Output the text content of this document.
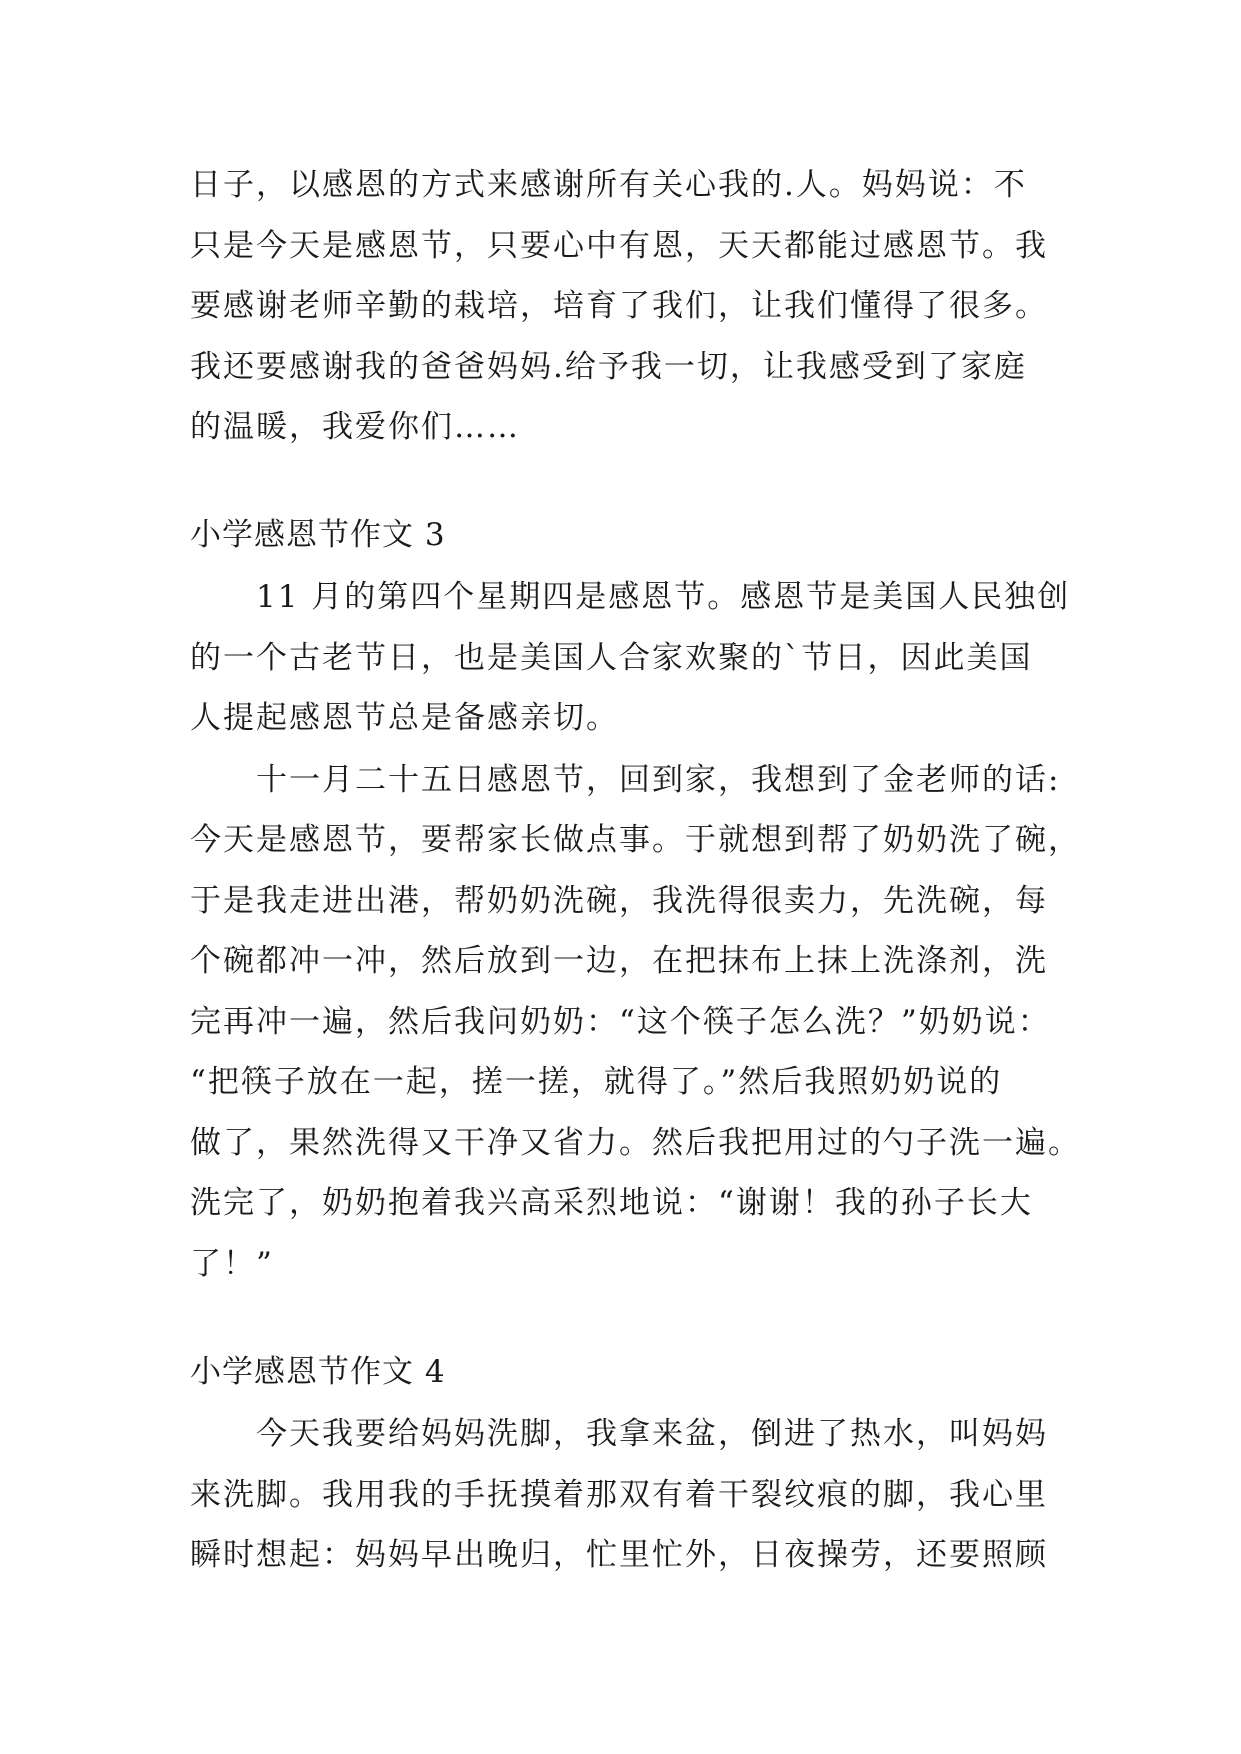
日子，以感恩的方式来感谢所有关心我的.人。妈妈说：不
只是今天是感恩节，只要心中有恩，天天都能过感恩节。我
要感谢老师辛勤的栽培，培育了我们，让我们懂得了很多。
我还要感谢我的爸爸妈妈.给予我一切，让我感受到了家庭
的温暖，我爱你们……
小学感恩节作文 3
11 月的第四个星期四是感恩节。感恩节是美国人民独创
的一个古老节日，也是美国人合家欢聚的`节日，因此美国
人提起感恩节总是备感亲切。
十一月二十五日感恩节，回到家，我想到了金老师的话:
今天是感恩节，要帮家长做点事。于就想到帮了奶奶洗了碗，
于是我走进出港，帮奶奶洗碗，我洗得很卖力，先洗碗，每
个碗都冲一冲，然后放到一边，在把抹布上抹上洗涤剂，洗
完再冲一遍，然后我问奶奶：“这个筷子怎么洗？”奶奶说：
“把筷子放在一起，搓一搓，就得了。”然后我照奶奶说的
做了，果然洗得又干净又省力。然后我把用过的勺子洗一遍。
洗完了，奶奶抱着我兴高采烈地说：“谢谢！我的孙子长大
了！”
小学感恩节作文 4
今天我要给妈妈洗脚，我拿来盆，倒进了热水，叫妈妈
来洗脚。我用我的手抚摸着那双有着干裂纹痕的脚，我心里
瞬时想起：妈妈早出晚归，忙里忙外，日夜操劳，还要照顾
